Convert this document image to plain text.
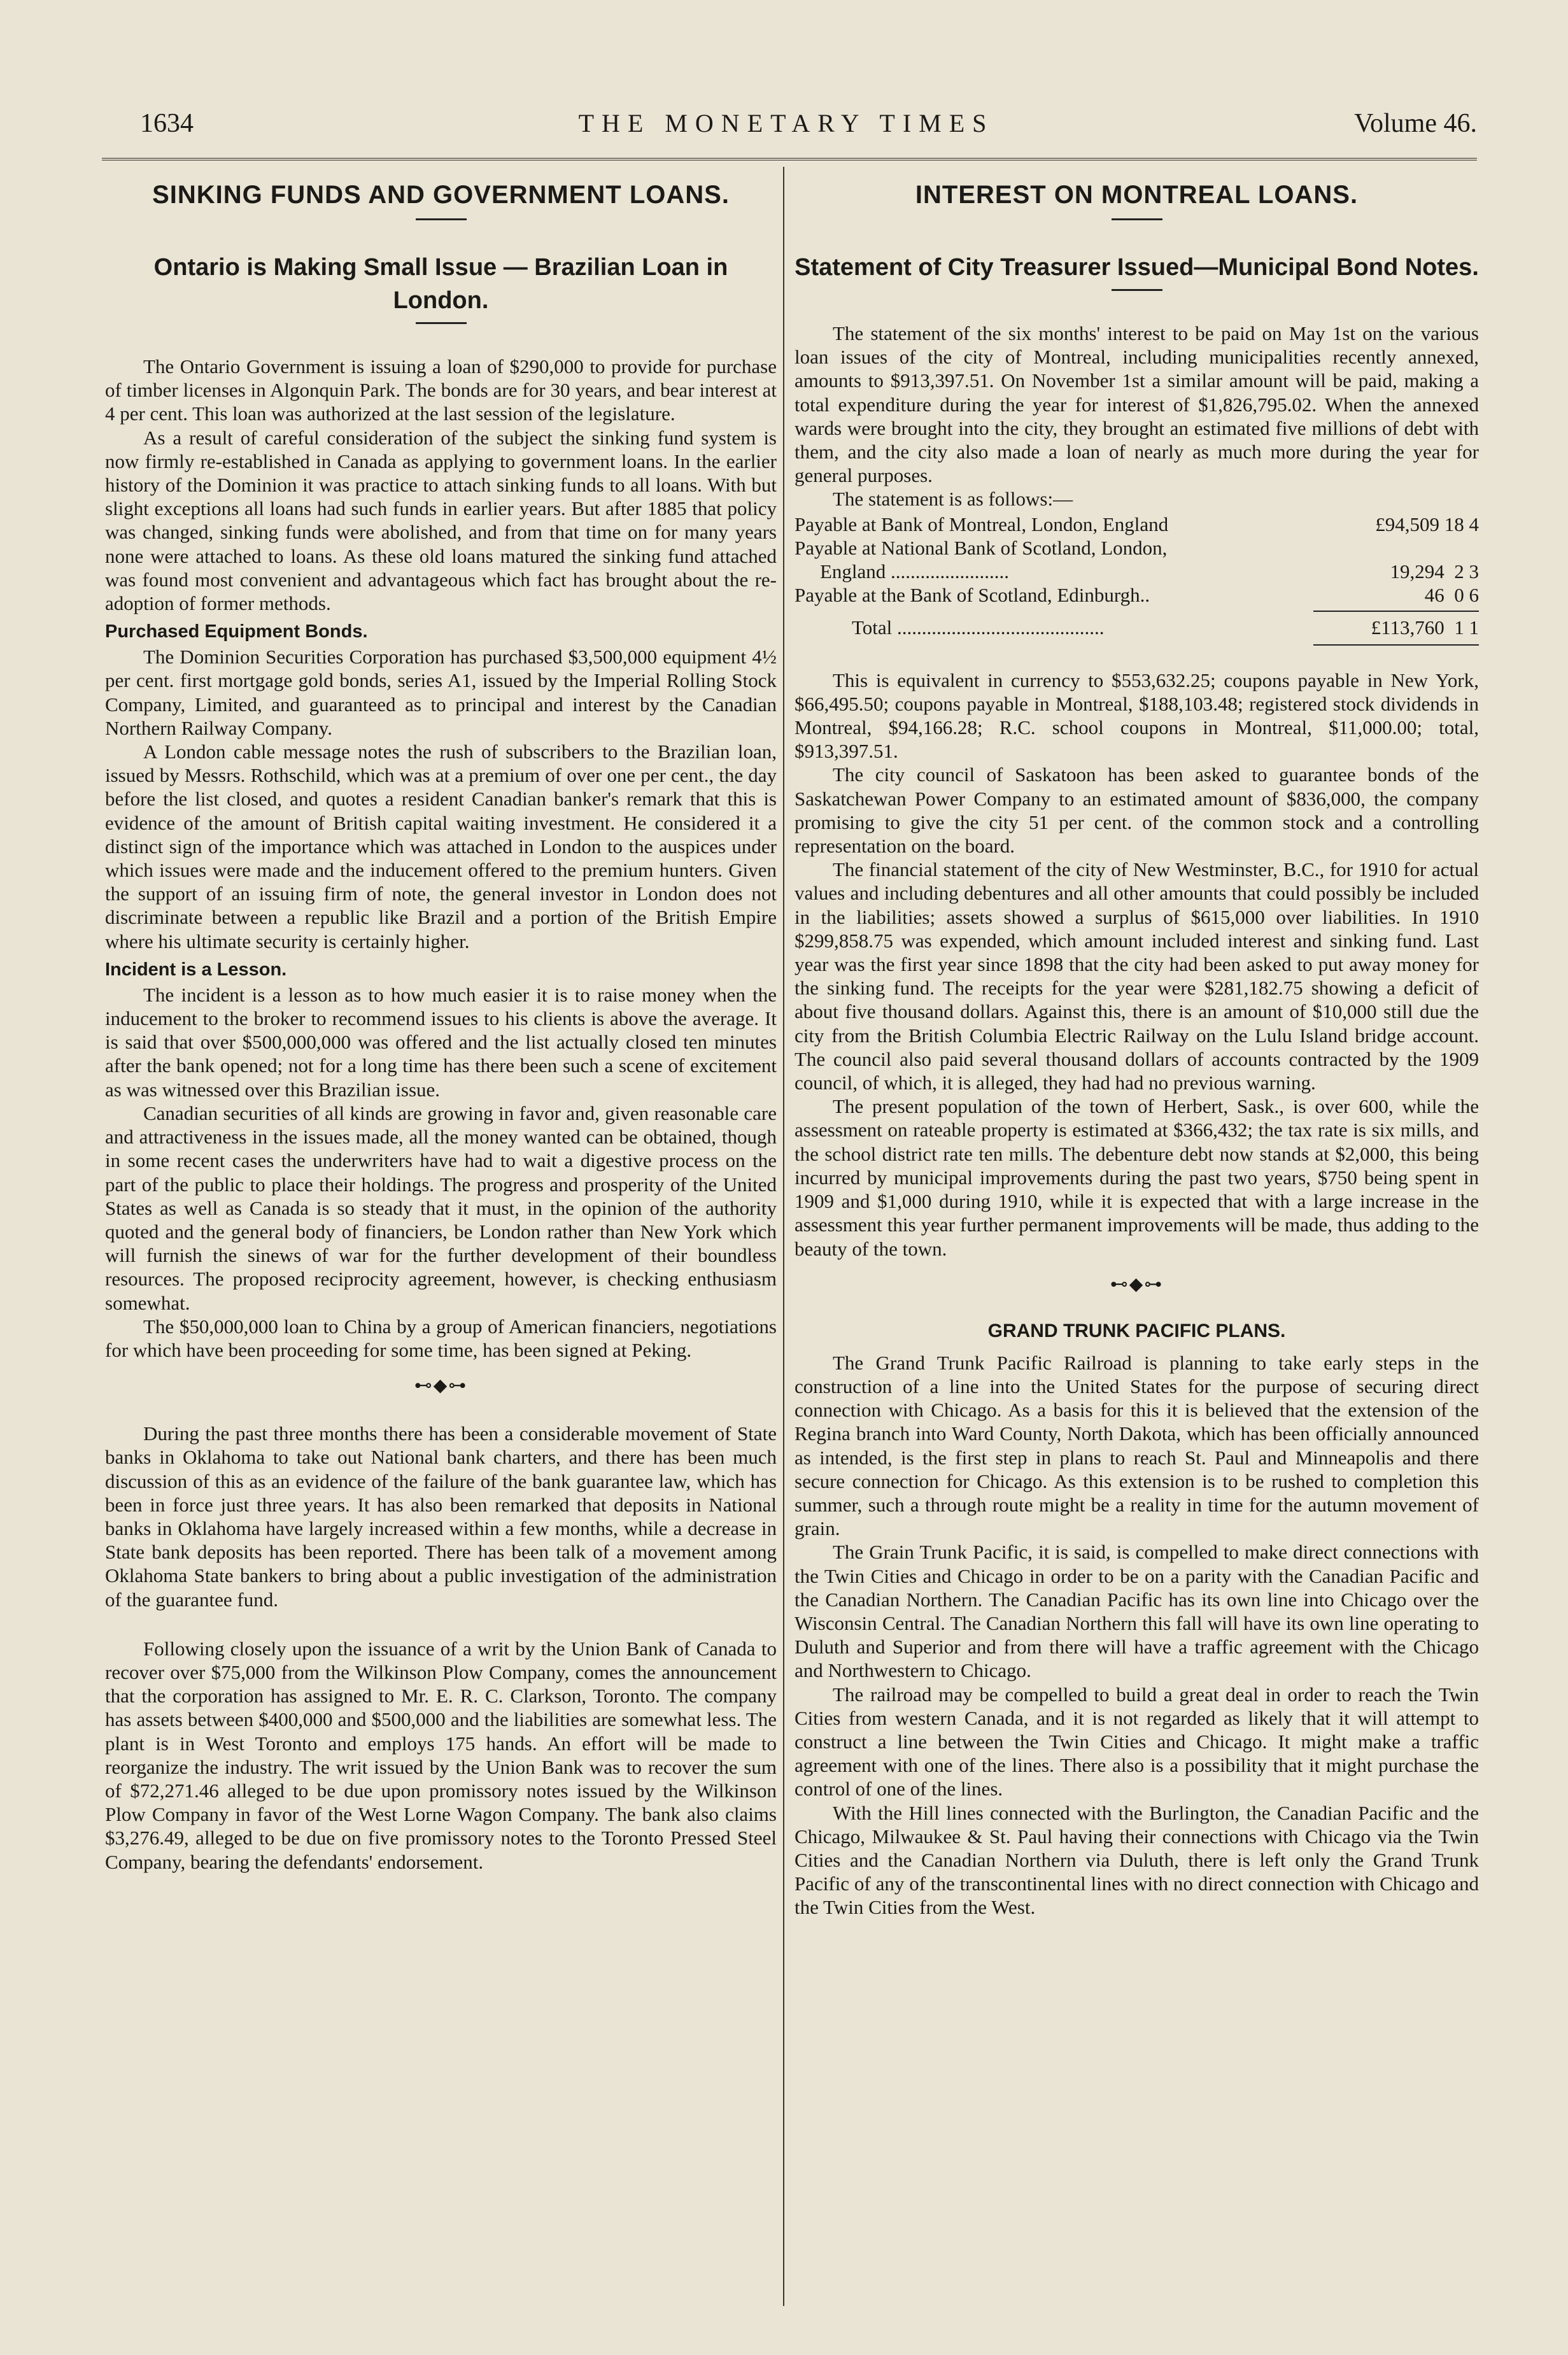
1634	THE MONETARY TIMES	Volume 46.
SINKING FUNDS AND GOVERNMENT LOANS.
Ontario is Making Small Issue — Brazilian Loan in London.

The Ontario Government is issuing a loan of $290,000 to provide for purchase of timber licenses in Algonquin Park. The bonds are for 30 years, and bear interest at 4 per cent. This loan was authorized at the last session of the legislature.

As a result of careful consideration of the subject the sinking fund system is now firmly re-established in Canada as applying to government loans. In the earlier history of the Dominion it was practice to attach sinking funds to all loans. With but slight exceptions all loans had such funds in earlier years. But after 1885 that policy was changed, sinking funds were abolished, and from that time on for many years none were attached to loans. As these old loans matured the sinking fund attached was found most convenient and advantageous which fact has brought about the re-adoption of former methods.

Purchased Equipment Bonds.

The Dominion Securities Corporation has purchased $3,500,000 equipment 4½ per cent. first mortgage gold bonds, series A1, issued by the Imperial Rolling Stock Company, Limited, and guaranteed as to principal and interest by the Canadian Northern Railway Company.

A London cable message notes the rush of subscribers to the Brazilian loan, issued by Messrs. Rothschild, which was at a premium of over one per cent., the day before the list closed, and quotes a resident Canadian banker's remark that this is evidence of the amount of British capital waiting investment. He considered it a distinct sign of the importance which was attached in London to the auspices under which issues were made and the inducement offered to the premium hunters. Given the support of an issuing firm of note, the general investor in London does not discriminate between a republic like Brazil and a portion of the British Empire where his ultimate security is certainly higher.

Incident is a Lesson.

The incident is a lesson as to how much easier it is to raise money when the inducement to the broker to recommend issues to his clients is above the average. It is said that over $500,000,000 was offered and the list actually closed ten minutes after the bank opened; not for a long time has there been such a scene of excitement as was witnessed over this Brazilian issue.

Canadian securities of all kinds are growing in favor and, given reasonable care and attractiveness in the issues made, all the money wanted can be obtained, though in some recent cases the underwriters have had to wait a digestive process on the part of the public to place their holdings. The progress and prosperity of the United States as well as Canada is so steady that it must, in the opinion of the authority quoted and the general body of financiers, be London rather than New York which will furnish the sinews of war for the further development of their boundless resources. The proposed reciprocity agreement, however, is checking enthusiasm somewhat.

The $50,000,000 loan to China by a group of American financiers, negotiations for which have been proceeding for some time, has been signed at Peking.

⊷◆⊶

During the past three months there has been a considerable movement of State banks in Oklahoma to take out National bank charters, and there has been much discussion of this as an evidence of the failure of the bank guarantee law, which has been in force just three years. It has also been remarked that deposits in National banks in Oklahoma have largely increased within a few months, while a decrease in State bank deposits has been reported. There has been talk of a movement among Oklahoma State bankers to bring about a public investigation of the administration of the guarantee fund.

Following closely upon the issuance of a writ by the Union Bank of Canada to recover over $75,000 from the Wilkinson Plow Company, comes the announcement that the corporation has assigned to Mr. E. R. C. Clarkson, Toronto. The company has assets between $400,000 and $500,000 and the liabilities are somewhat less. The plant is in West Toronto and employs 175 hands. An effort will be made to reorganize the industry. The writ issued by the Union Bank was to recover the sum of $72,271.46 alleged to be due upon promissory notes issued by the Wilkinson Plow Company in favor of the West Lorne Wagon Company. The bank also claims $3,276.49, alleged to be due on five promissory notes to the Toronto Pressed Steel Company, bearing the defendants' endorsement.

INTEREST ON MONTREAL LOANS.
Statement of City Treasurer Issued—Municipal Bond Notes.

The statement of the six months' interest to be paid on May 1st on the various loan issues of the city of Montreal, including municipalities recently annexed, amounts to $913,397.51. On November 1st a similar amount will be paid, making a total expenditure during the year for interest of $1,826,795.02. When the annexed wards were brought into the city, they brought an estimated five millions of debt with them, and the city also made a loan of nearly as much more during the year for general purposes.

The statement is as follows:—

Payable at Bank of Montreal, London, England	£94,509 18 4
Payable at National Bank of Scotland, London,
England ........................	19,294  2 3
Payable at the Bank of Scotland, Edinburgh..	46  0 6
Total ..........................................	£113,760  1 1

This is equivalent in currency to $553,632.25; coupons payable in New York, $66,495.50; coupons payable in Montreal, $188,103.48; registered stock dividends in Montreal, $94,166.28; R.C. school coupons in Montreal, $11,000.00; total, $913,397.51.

The city council of Saskatoon has been asked to guarantee bonds of the Saskatchewan Power Company to an estimated amount of $836,000, the company promising to give the city 51 per cent. of the common stock and a controlling representation on the board.

The financial statement of the city of New Westminster, B.C., for 1910 for actual values and including debentures and all other amounts that could possibly be included in the liabilities; assets showed a surplus of $615,000 over liabilities. In 1910 $299,858.75 was expended, which amount included interest and sinking fund. Last year was the first year since 1898 that the city had been asked to put away money for the sinking fund. The receipts for the year were $281,182.75 showing a deficit of about five thousand dollars. Against this, there is an amount of $10,000 still due the city from the British Columbia Electric Railway on the Lulu Island bridge account. The council also paid several thousand dollars of accounts contracted by the 1909 council, of which, it is alleged, they had had no previous warning.

The present population of the town of Herbert, Sask., is over 600, while the assessment on rateable property is estimated at $366,432; the tax rate is six mills, and the school district rate ten mills. The debenture debt now stands at $2,000, this being incurred by municipal improvements during the past two years, $750 being spent in 1909 and $1,000 during 1910, while it is expected that with a large increase in the assessment this year further permanent improvements will be made, thus adding to the beauty of the town.

⊷◆⊶
GRAND TRUNK PACIFIC PLANS.

The Grand Trunk Pacific Railroad is planning to take early steps in the construction of a line into the United States for the purpose of securing direct connection with Chicago. As a basis for this it is believed that the extension of the Regina branch into Ward County, North Dakota, which has been officially announced as intended, is the first step in plans to reach St. Paul and Minneapolis and there secure connection for Chicago. As this extension is to be rushed to completion this summer, such a through route might be a reality in time for the autumn movement of grain.

The Grain Trunk Pacific, it is said, is compelled to make direct connections with the Twin Cities and Chicago in order to be on a parity with the Canadian Pacific and the Canadian Northern. The Canadian Pacific has its own line into Chicago over the Wisconsin Central. The Canadian Northern this fall will have its own line operating to Duluth and Superior and from there will have a traffic agreement with the Chicago and Northwestern to Chicago.

The railroad may be compelled to build a great deal in order to reach the Twin Cities from western Canada, and it is not regarded as likely that it will attempt to construct a line between the Twin Cities and Chicago. It might make a traffic agreement with one of the lines. There also is a possibility that it might purchase the control of one of the lines.

With the Hill lines connected with the Burlington, the Canadian Pacific and the Chicago, Milwaukee & St. Paul having their connections with Chicago via the Twin Cities and the Canadian Northern via Duluth, there is left only the Grand Trunk Pacific of any of the transcontinental lines with no direct connection with Chicago and the Twin Cities from the West.
